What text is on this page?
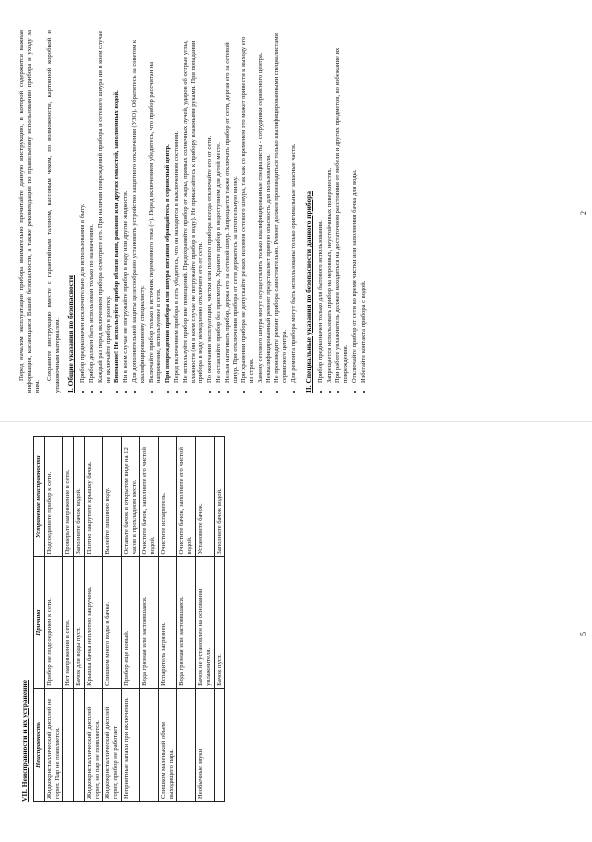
VII. Неисправности и их устранение Неисправность	Причина	Устранение неисправности
Жидкокристаллический дисплей не горит. Пар не появляется.	Прибор не подсоединен к сети.	Подсоедините прибор к сети.
	Нет напряжения в сети.	Проверьте напряжение в сети.
	Бачок для воды пуст.	Заполните бачок водой.
Жидкокристаллический дисплей горит, но пар не появляется.	Крышка бачка неплотно закручена.	Плотно закрутите крышку бачка.
Жидкокристаллический дисплей горит, прибор не работает	Слишком много воды в бачке.	Вылейте лишнюю воду.
Неприятные запахи при включении.	Прибор еще новый.	Оставьте бачок в открытом виде на 12 часов в прохладном месте.
	Вода грязная или застоявшаяся.	Очистите бачок, заполните его чистой водой.
Слишком маленький объем выходящего пара.	Испаритель загрязнен.	Очистите испаритель.
	Вода грязная или застоявшаяся.	Очистите бачок, заполните его чистой водой.
Необычные звуки	Бачок не установлен на основании увлажнителя.	Установите бачок.
	Бачок пуст.	Заполните бачок водой.
5

Перед началом эксплуатации прибора внимательно прочитайте данную инструкцию, в которой содержится важная информация, касающаяся Вашей безопасности, а также рекомендации по правильному использованию прибора и уходу за ним.

Сохраните инструкцию вместе с гарантийным талоном, кассовым чеком, по возможности, картонной коробкой и упаковочным материалом. I. Общие указания по безопасности • Прибор предназначен исключительно для использования в быту. • Прибор должен быть использован только по назначению. • Каждый раз перед включением прибора осмотрите его. При наличии повреждений прибора и сетевого шнура ни в коем случае не включайте прибор в розетку. • Внимание! Не используйте прибор вблизи ванн, раковин или других емкостей, заполненных водой. • Ни в коем случае не погружайте прибор в воду или другие жидкости. • Для дополнительной защиты целесообразно установить устройство защитного отключения (УЗО). Обратитесь за советом к квалифицированному специалисту. • Включайте прибор только в источник переменного тока (~). Перед включением убедитесь, что прибор рассчитан на напряжение, используемое в сети. • При повреждении прибора или шнура питания обращайтесь в сервисный центр. • Перед включением прибора в сеть убедитесь, что он находится в выключенном состоянии. • Не используйте прибор вне помещений. Предохраняйте прибор от жары, прямых солнечных лучей, ударов об острые углы, влажности (ни в коем случае не погружайте прибор в воду). Не прикасайтесь к прибору влажными руками. При попадании прибора в воду немедленно отключите его от сети. • По окончании эксплуатации, чистки или полного прибора всегда отключайте его от сети. • Не оставляйте прибор без присмотра. Храните прибор в недоступном для детей месте. • Нельзя натягивать прибор, держа его за сетевой шнур. Запрещается также отключать прибор от сети, дергая его за сетевой шнур. При отключении прибора от сети держитесь за штепсельную вилку. • При хранении прибора не допускайте резких изломов сетевого шнура, так как со временем это может привести к выходу его из строя. • Замену сетевого шнура могут осуществлять только квалифицированные специалисты - сотрудники сервисного центра. Неквалифицированный ремонт представляет прямую опасность для пользователя. • Не производите ремонт прибора самостоятельно. Ремонт должен производиться только квалифицированными специалистами сервисного центра. • Для ремонта прибора могут быть использованы только оригинальные запасные части. II. Специальные указания по безопасности данного прибора • Прибор предназначен только для бытового использования. • Запрещается использовать прибор на неровных, неустойчивых поверхностях. • При работе увлажнитель должен находиться на достаточном расстоянии от мебели и других предметов, во избежание их повреждения. • Отключайте прибор от сети во время чистки или заполнения бачка для воды. • Избегайте контакта прибора с водой.
2
